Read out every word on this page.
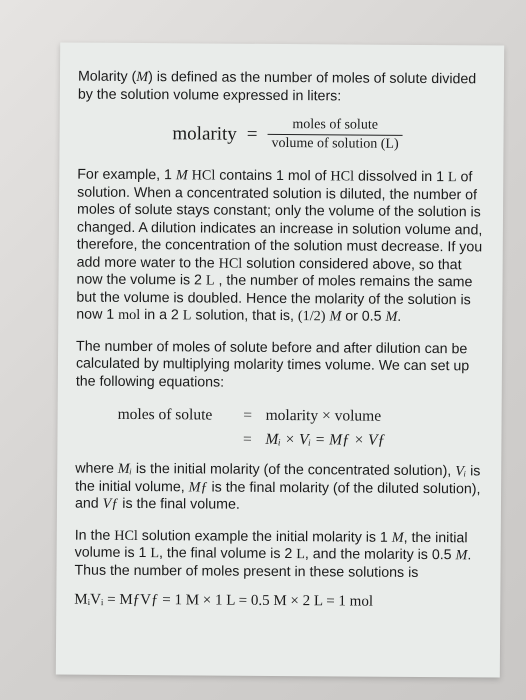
Molarity (M) is defined as the number of moles of solute divided by the solution volume expressed in liters:

molarity = $\frac{\text{moles of solute}}{\text{volume of solution (L)}}$

For example, 1 M HCl contains 1 mol of HCl dissolved in 1 L of solution. When a concentrated solution is diluted, the number of moles of solute stays constant; only the volume of the solution is changed. A dilution indicates an increase in solution volume and, therefore, the concentration of the solution must decrease. If you add more water to the HCl solution considered above, so that now the volume is 2 L , the number of moles remains the same but the volume is doubled. Hence the molarity of the solution is now 1 mol in a 2 L solution, that is, (1/2) M or 0.5 M.

The number of moles of solute before and after dilution can be calculated by multiplying molarity times volume. We can set up the following equations:

moles of solute	= molarity × volume
= Mᵢ × Vᵢ = Mƒ × Vƒ

where Mᵢ is the initial molarity (of the concentrated solution), Vᵢ is the initial volume, Mƒ is the final molarity (of the diluted solution), and Vƒ is the final volume.

In the HCl solution example the initial molarity is 1 M, the initial volume is 1 L, the final volume is 2 L, and the molarity is 0.5 M. Thus the number of moles present in these solutions is

MᵢVᵢ = MƒVƒ = 1 M × 1 L = 0.5 M × 2 L = 1 mol
